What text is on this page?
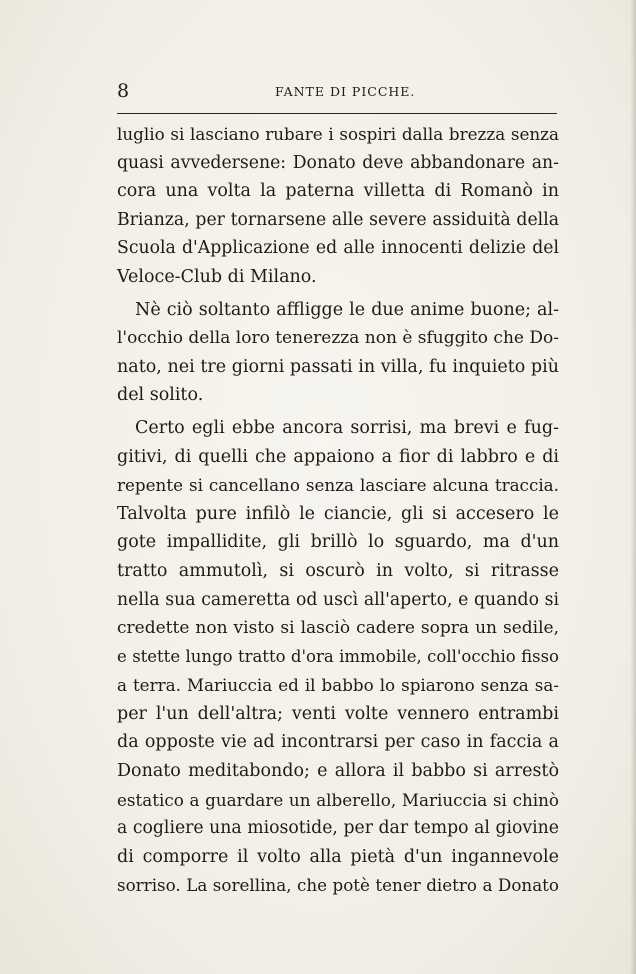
8	FANTE DI PICCHE.
luglio si lasciano rubare i sospiri dalla brezza senza
quasi avvedersene: Donato deve abbandonare an-
cora una volta la paterna villetta di Romanò in
Brianza, per tornarsene alle severe assiduità della
Scuola d'Applicazione ed alle innocenti delizie del
Veloce-Club di Milano.
Nè ciò soltanto affligge le due anime buone; al-
l'occhio della loro tenerezza non è sfuggito che Do-
nato, nei tre giorni passati in villa, fu inquieto più
del solito.
Certo egli ebbe ancora sorrisi, ma brevi e fug-
gitivi, di quelli che appaiono a fior di labbro e di
repente si cancellano senza lasciare alcuna traccia.
Talvolta pure infilò le ciancie, gli si accesero le
gote impallidite, gli brillò lo sguardo, ma d'un
tratto ammutolì, si oscurò in volto, si ritrasse
nella sua cameretta od uscì all'aperto, e quando si
credette non visto si lasciò cadere sopra un sedile,
e stette lungo tratto d'ora immobile, coll'occhio fisso
a terra. Mariuccia ed il babbo lo spiarono senza sa-
per l'un dell'altra; venti volte vennero entrambi
da opposte vie ad incontrarsi per caso in faccia a
Donato meditabondo; e allora il babbo si arrestò
estatico a guardare un alberello, Mariuccia si chinò
a cogliere una miosotide, per dar tempo al giovine
di comporre il volto alla pietà d'un ingannevole
sorriso. La sorellina, che potè tener dietro a Donato
